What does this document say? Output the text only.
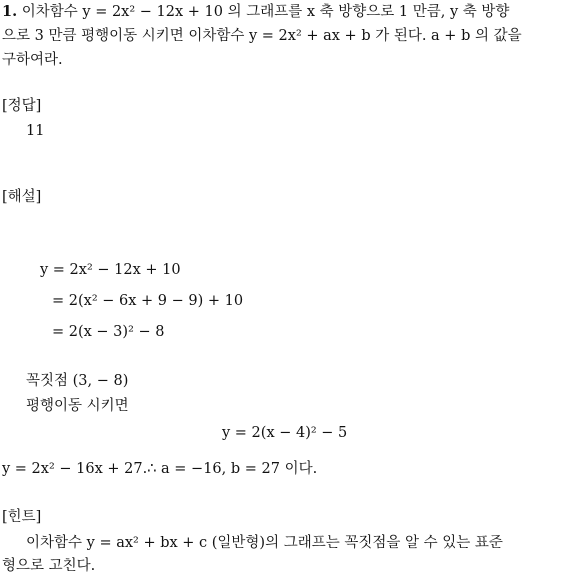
1. 이차함수 y = 2x² − 12x + 10 의 그래프를 x 축 방향으로 1 만큼, y 축 방향
으로 3 만큼 평행이동 시키면 이차함수 y = 2x² + ax + b 가 된다. a + b 의 값을
구하여라.
[정답]
11
[해설]
y = 2x² − 12x + 10
= 2(x² − 6x + 9 − 9) + 10
= 2(x − 3)² − 8
꼭짓점 (3, − 8)
평행이동 시키면
y = 2(x − 4)² − 5
y = 2x² − 16x + 27.∴ a = −16, b = 27 이다.
[힌트]
이차함수 y = ax² + bx + c (일반형)의 그래프는 꼭짓점을 알 수 있는 표준
형으로 고친다.
